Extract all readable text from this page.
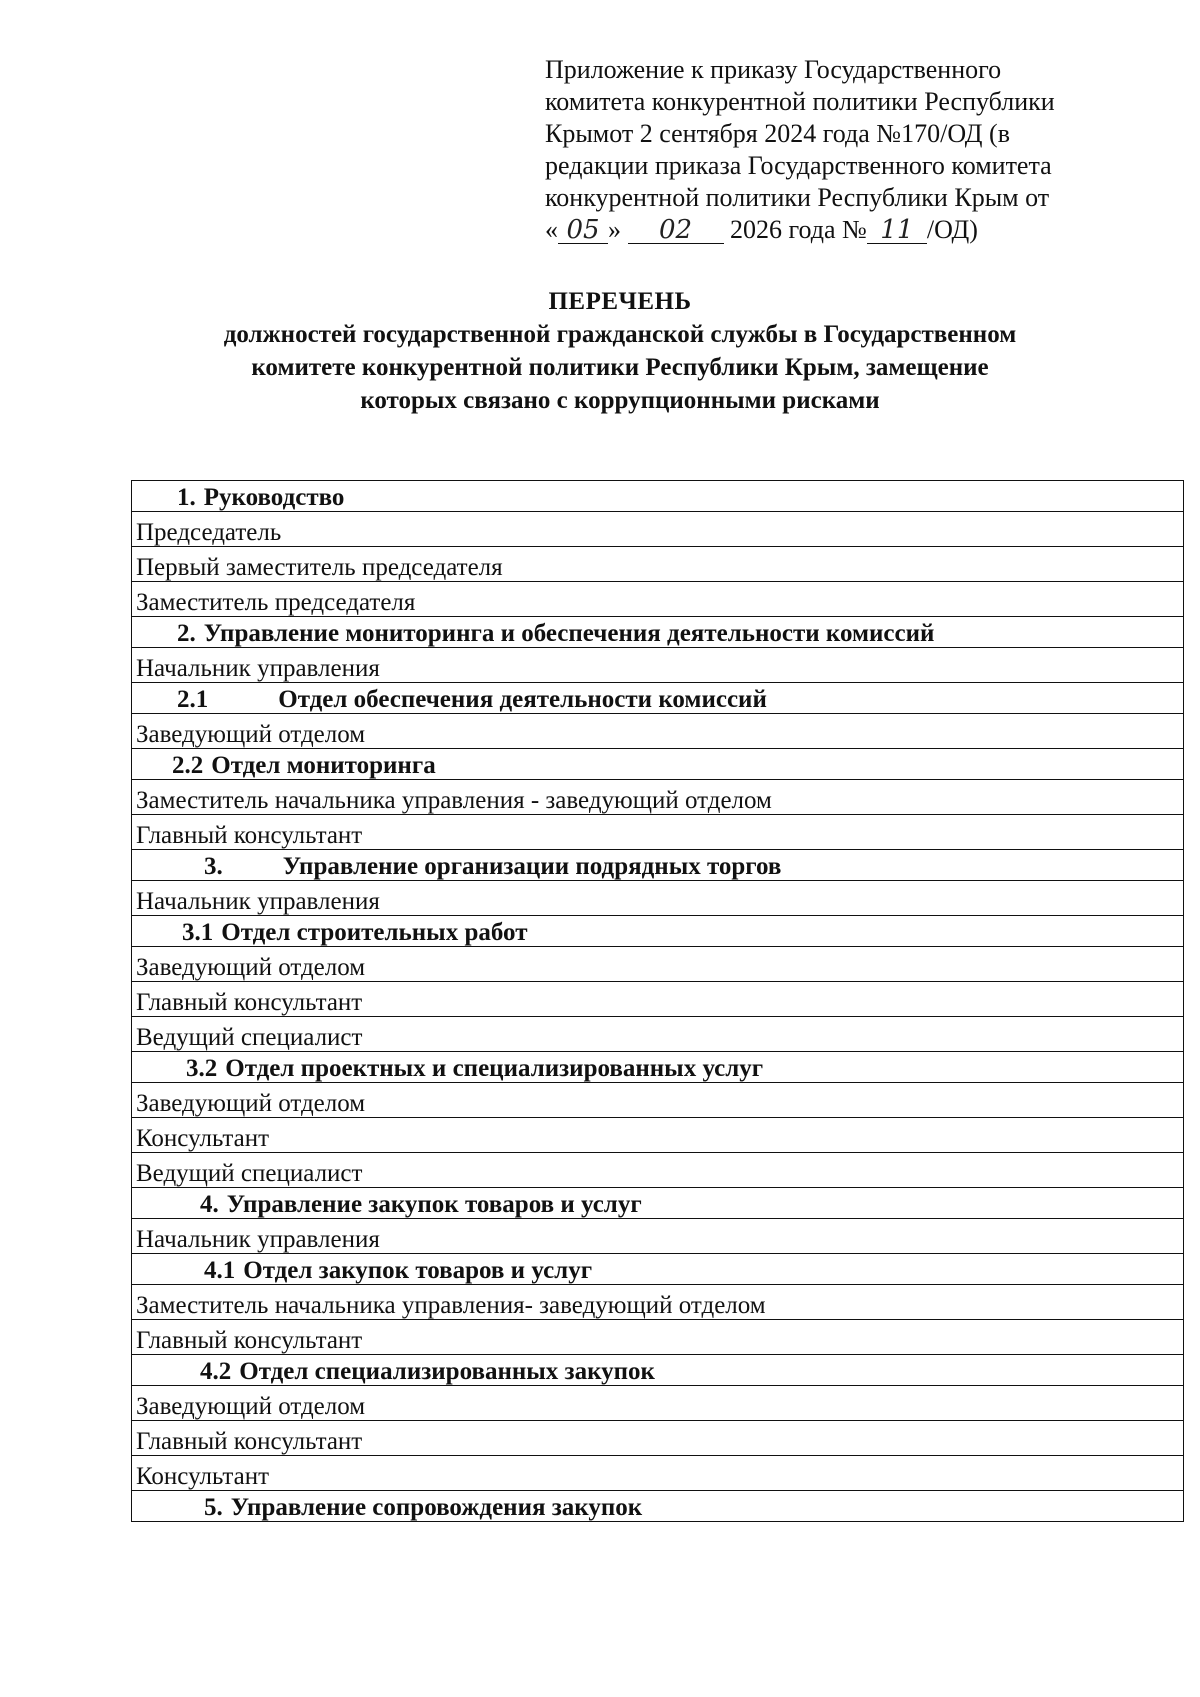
Приложение к приказу Государственного
комитета конкурентной политики Республики
Крымот 2 сентября 2024 года №170/ОД (в
редакции приказа Государственного комитета
конкурентной политики Республики Крым от
« 05 » 02 2026 года № 11 /ОД)
ПЕРЕЧЕНЬ
должностей государственной гражданской службы в Государственном
комитете конкурентной политики Республики Крым, замещение
которых связано с коррупционными рисками
1. Руководство
Председатель
Первый заместитель председателя
Заместитель председателя
2. Управление мониторинга и обеспечения деятельности комиссий
Начальник управления
2.1	Отдел обеспечения деятельности комиссий
Заведующий отделом
2.2 Отдел мониторинга
Заместитель начальника управления - заведующий отделом
Главный консультант
3. Управление организации подрядных торгов
Начальник управления
3.1 Отдел строительных работ
Заведующий отделом
Главный консультант
Ведущий специалист
3.2 Отдел проектных и специализированных услуг
Заведующий отделом
Консультант
Ведущий специалист
4. Управление закупок товаров и услуг
Начальник управления
4.1 Отдел закупок товаров и услуг
Заместитель начальника управления- заведующий отделом
Главный консультант
4.2 Отдел специализированных закупок
Заведующий отделом
Главный консультант
Консультант
5. Управление сопровождения закупок
